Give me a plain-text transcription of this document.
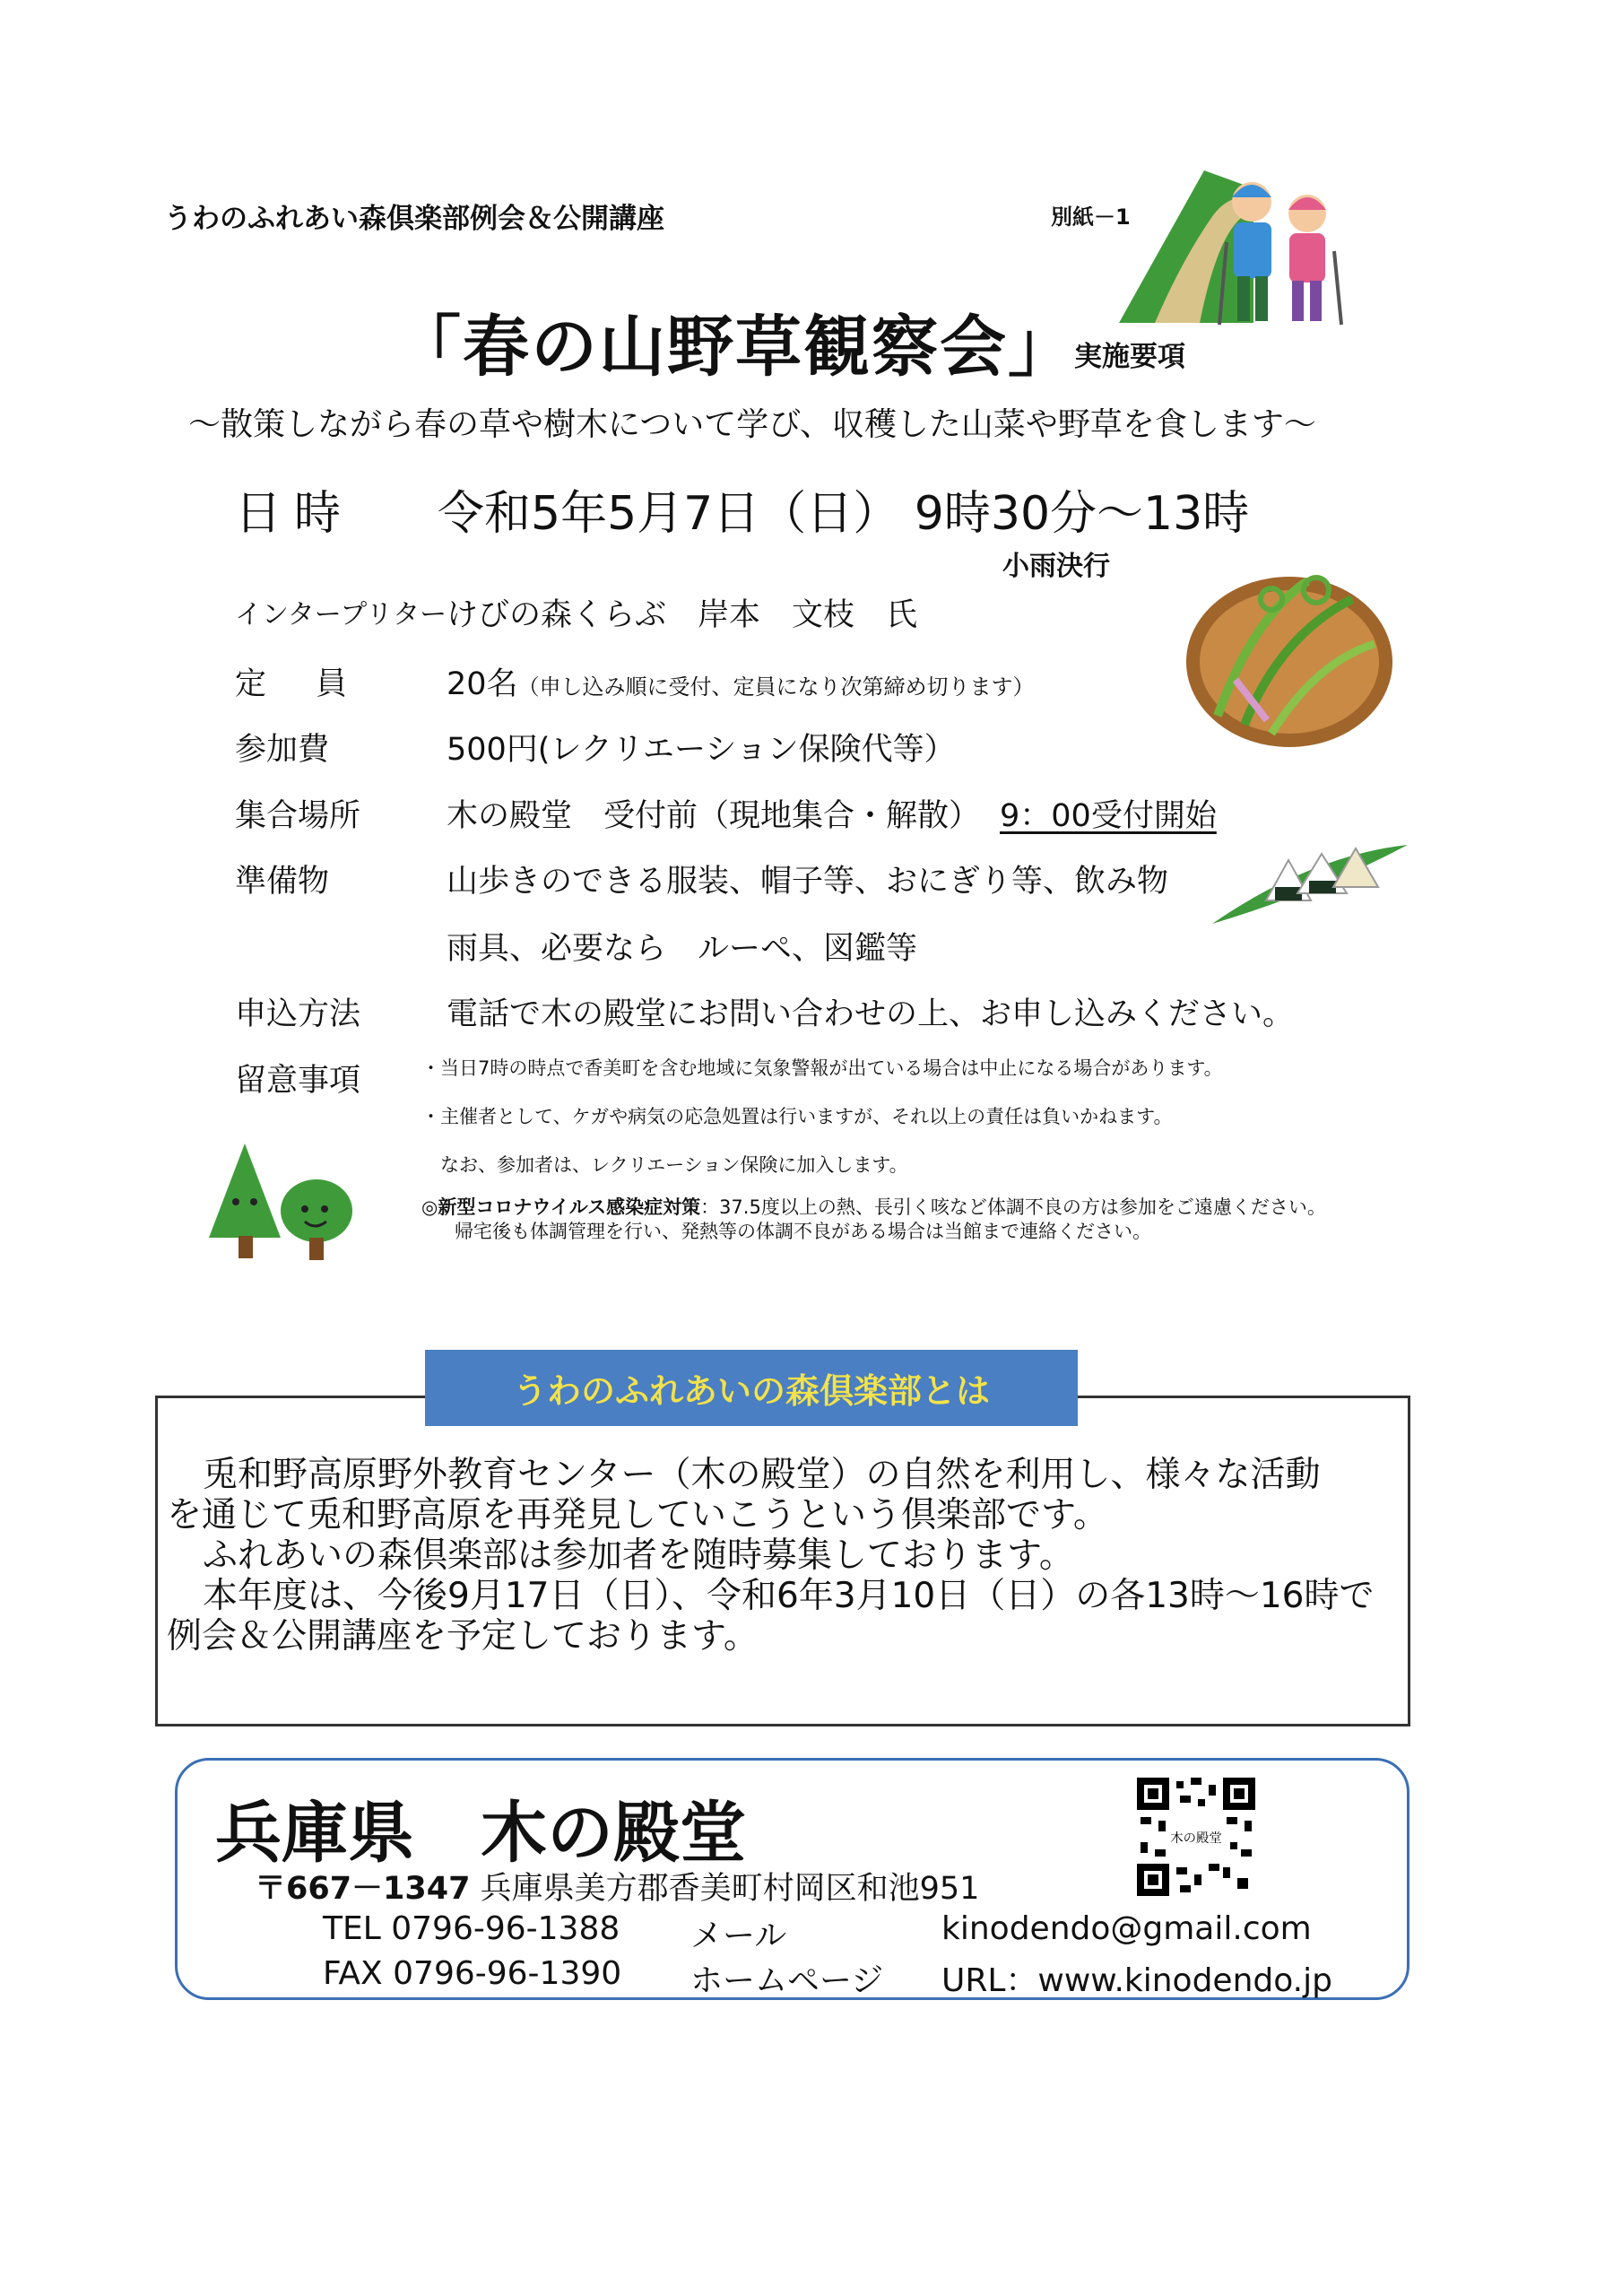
うわのふれあい森倶楽部例会＆公開講座	別紙－1
「春の山野草観察会」
実施要項
～散策しながら春の草や樹木について学び、収穫した山菜や野草を食します～
日時 令和5年5月7日（日） 9時30分～13時
小雨決行
インタープリター けびの森くらぶ　岸本　文枝　氏
定　員	20名（申し込み順に受付、定員になり次第締め切ります）
参加費	500円(レクリエーション保険代等）
集合場所	木の殿堂　受付前（現地集合・解散） 9：00受付開始
準備物	山歩きのできる服装、帽子等、おにぎり等、飲み物
雨具、必要なら　ルーペ、図鑑等
申込方法	電話で木の殿堂にお問い合わせの上、お申し込みください。
留意事項	・当日7時の時点で香美町を含む地域に気象警報が出ている場合は中止になる場合があります。
・主催者として、ケガや病気の応急処置は行いますが、それ以上の責任は負いかねます。
　なお、参加者は、レクリエーション保険に加入します。
◎新型コロナウイルス感染症対策：37.5度以上の熱、長引く咳など体調不良の方は参加をご遠慮ください。
帰宅後も体調管理を行い、発熱等の体調不良がある場合は当館まで連絡ください。
うわのふれあいの森倶楽部とは

兎和野高原野外教育センター（木の殿堂）の自然を利用し、様々な活動

を通じて兎和野高原を再発見していこうという倶楽部です。

ふれあいの森倶楽部は参加者を随時募集しております。

本年度は、今後9月17日（日）、令和6年3月10日（日）の各13時～16時で

例会＆公開講座を予定しております。

兵庫県　木の殿堂
〒667－1347 兵庫県美方郡香美町村岡区和池951
TEL 0796-96-1388 メール	kinodendo@gmail.com
FAX 0796-96-1390 ホームページ URL：www.kinodendo.jp
木の殿堂
